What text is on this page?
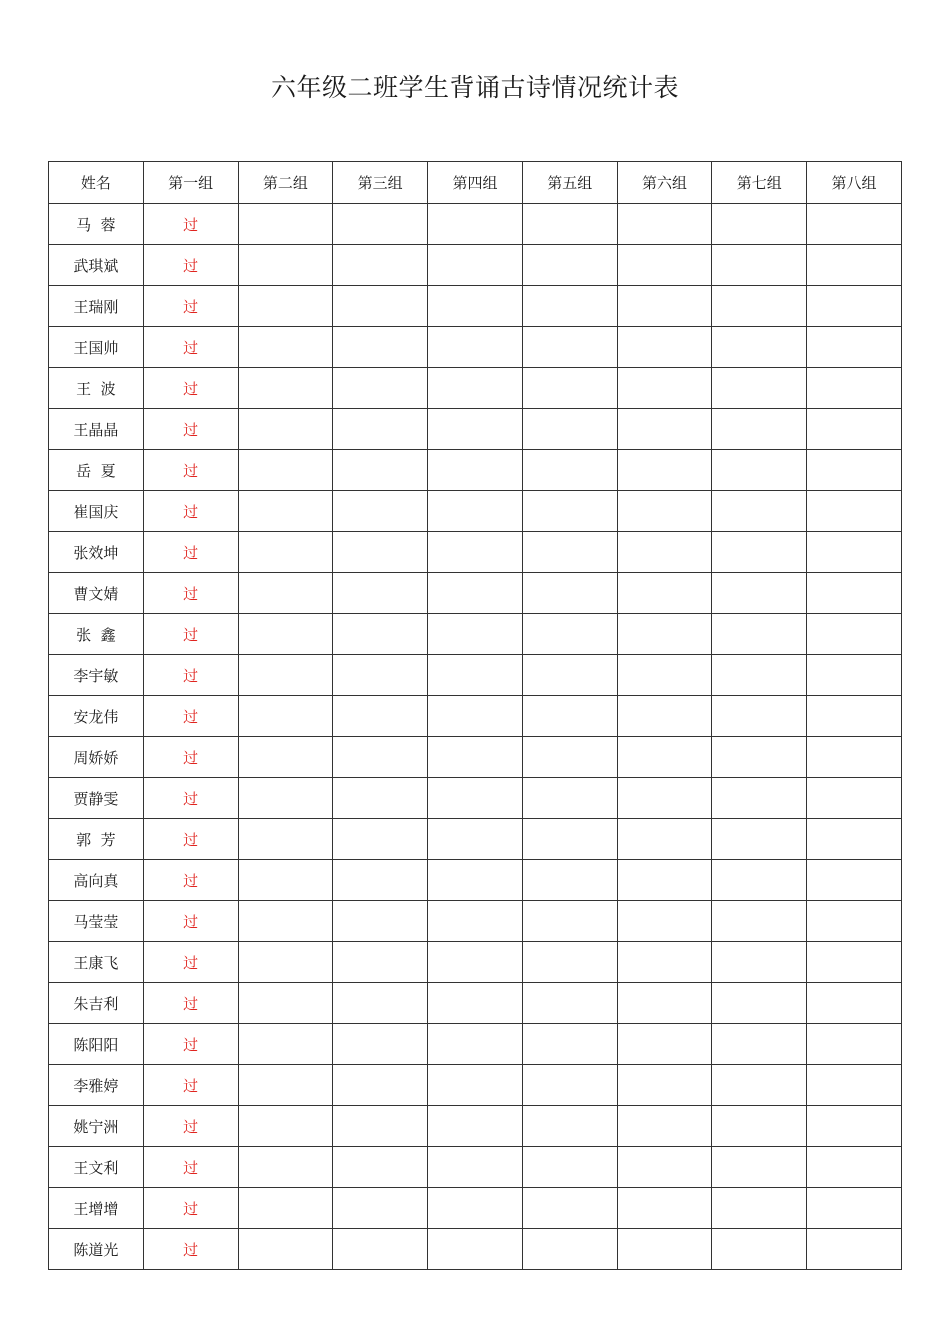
六年级二班学生背诵古诗情况统计表
姓名	第一组	第二组	第三组	第四组	第五组	第六组	第七组	第八组
马  蓉	过							
武琪斌	过							
王瑞刚	过							
王国帅	过							
王  波	过							
王晶晶	过							
岳  夏	过							
崔国庆	过							
张效坤	过							
曹文婧	过							
张  鑫	过							
李宇敏	过							
安龙伟	过							
周娇娇	过							
贾静雯	过							
郭  芳	过							
高向真	过							
马莹莹	过							
王康飞	过							
朱吉利	过							
陈阳阳	过							
李雅婷	过							
姚宁洲	过							
王文利	过							
王增增	过							
陈道光	过							
